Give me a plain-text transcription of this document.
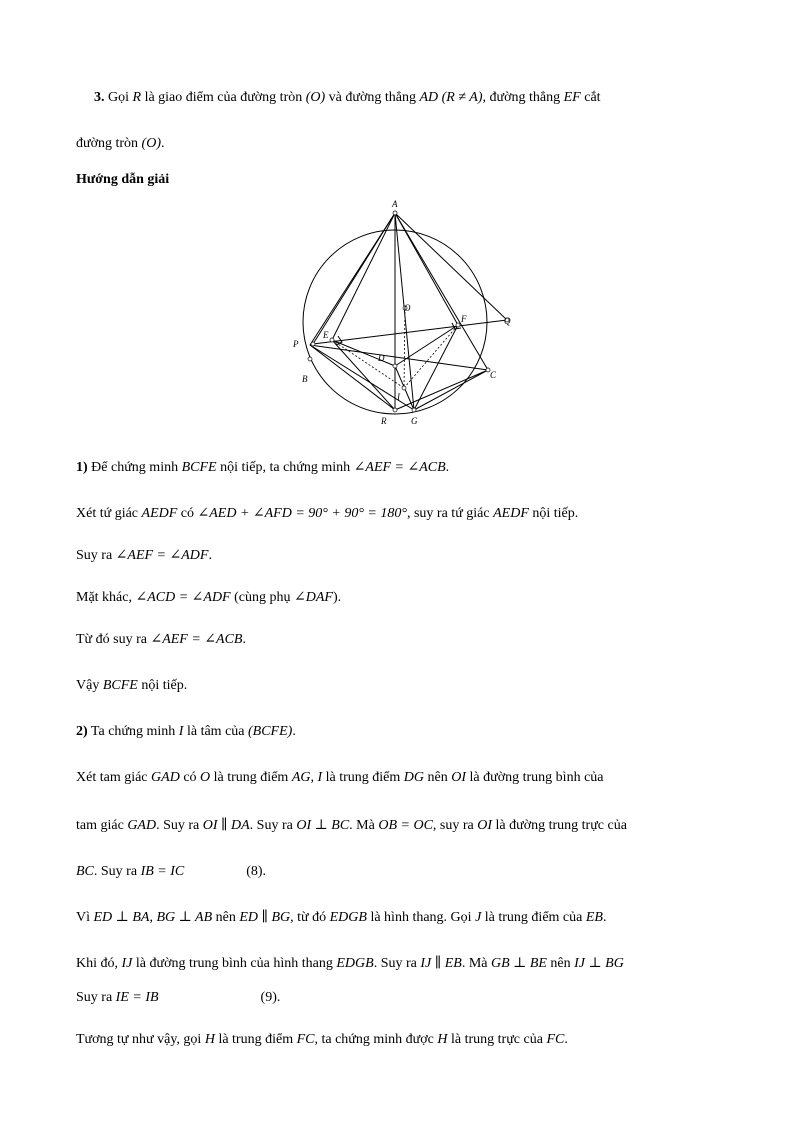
3. Gọi R là giao điểm của đường tròn (O) và đường thẳng AD (R ≠ A), đường thẳng EF cắt
đường tròn (O).
Hướng dẫn giải
A
O
F	Q
E
P
D
B	C
I
R	G
1) Để chứng minh BCFE nội tiếp, ta chứng minh ∠AEF = ∠ACB.
Xét tứ giác AEDF có ∠AED + ∠AFD = 90° + 90° = 180°, suy ra tứ giác AEDF nội tiếp.
Suy ra ∠AEF = ∠ADF.
Mặt khác, ∠ACD = ∠ADF (cùng phụ ∠DAF).
Từ đó suy ra ∠AEF = ∠ACB.
Vậy BCFE nội tiếp.
2) Ta chứng minh I là tâm của (BCFE).
Xét tam giác GAD có O là trung điểm AG, I là trung điểm DG nên OI là đường trung bình của
tam giác GAD. Suy ra OI ∥ DA. Suy ra OI ⊥ BC. Mà OB = OC, suy ra OI là đường trung trực của
BC. Suy ra IB = IC	(8).
Vì ED ⊥ BA, BG ⊥ AB nên ED ∥ BG, từ đó EDGB là hình thang. Gọi J là trung điểm của EB.
Khi đó, IJ là đường trung bình của hình thang EDGB. Suy ra IJ ∥ EB. Mà GB ⊥ BE nên IJ ⊥ BG
Suy ra IE = IB	(9).
Tương tự như vậy, gọi H là trung điểm FC, ta chứng minh được H là trung trực của FC.
